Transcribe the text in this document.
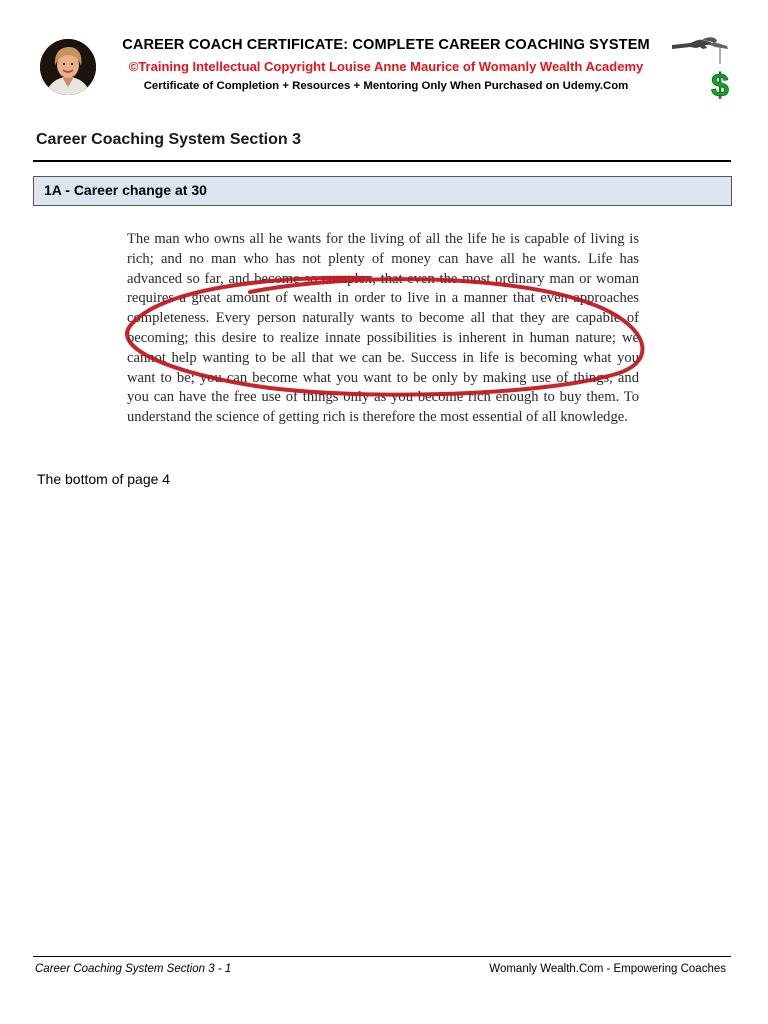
CAREER COACH CERTIFICATE: COMPLETE CAREER COACHING SYSTEM
©Training Intellectual Copyright Louise Anne Maurice of Womanly Wealth Academy
Certificate of Completion + Resources + Mentoring Only When Purchased on Udemy.Com	$
Career Coaching System Section 3
1A - Career change at 30
The man who owns all he wants for the living of all the life he is capable of living is rich; and no man who has not plenty of money can have all he wants. Life has advanced so far, and become so complex, that even the most ordinary man or woman requires a great amount of wealth in order to live in a manner that even approaches completeness. Every person naturally wants to become all that they are capable of becoming; this desire to realize innate possibilities is inherent in human nature; we cannot help wanting to be all that we can be. Success in life is becoming what you want to be; you can become what you want to be only by making use of things, and you can have the free use of things only as you become rich enough to buy them. To understand the science of getting rich is therefore the most essential of all knowledge.
The bottom of page 4
Career Coaching System Section 3 - 1	Womanly Wealth.Com - Empowering Coaches
